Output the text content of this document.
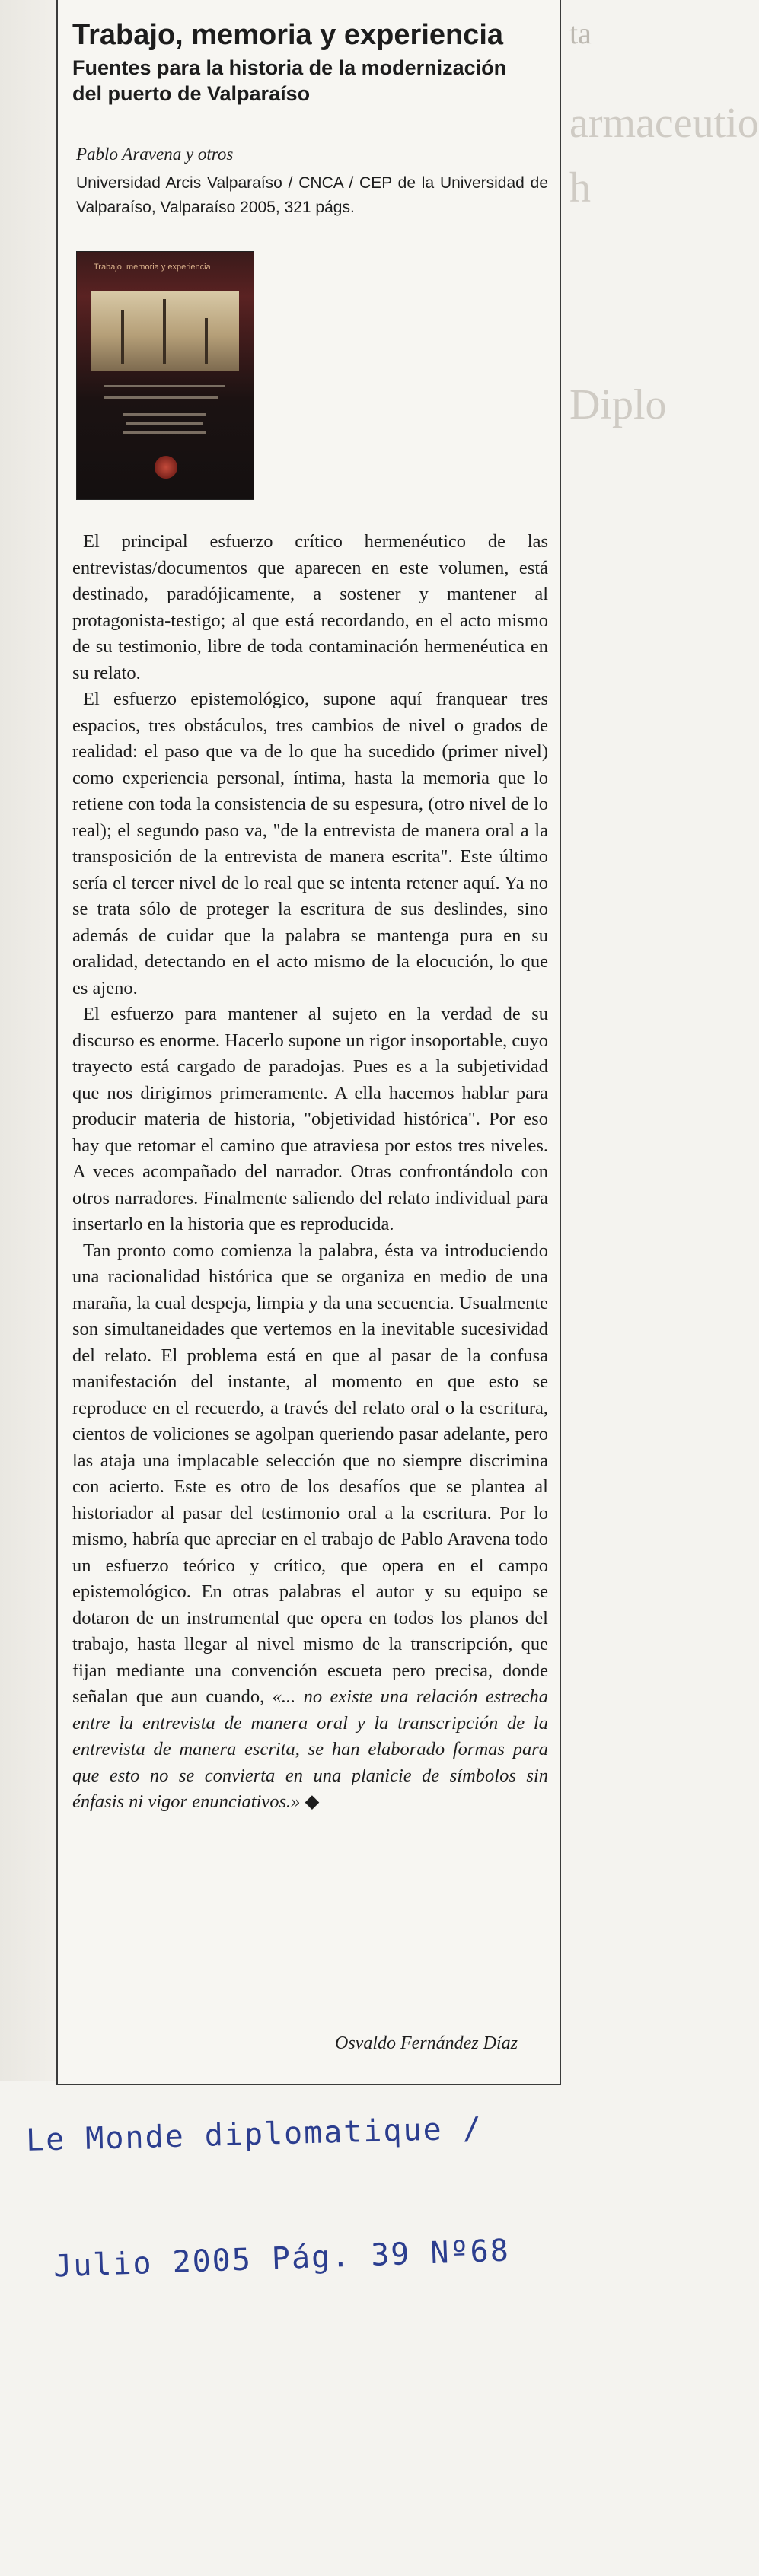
ta
armaceutio
h
Diplo
Trabajo, memoria y experiencia
Fuentes para la historia de la modernización del puerto de Valparaíso
Pablo Aravena y otros
Universidad Arcis Valparaíso / CNCA / CEP de la Universidad de Valparaíso, Valparaíso 2005, 321 págs.
Trabajo, memoria y experiencia

El principal esfuerzo crítico hermenéutico de las entrevistas/documentos que aparecen en este volumen, está destinado, paradójicamente, a sostener y mantener al protagonista-testigo; al que está recordando, en el acto mismo de su testimonio, libre de toda contaminación hermenéutica en su relato.

El esfuerzo epistemológico, supone aquí franquear tres espacios, tres obstáculos, tres cambios de nivel o grados de realidad: el paso que va de lo que ha sucedido (primer nivel) como experiencia personal, íntima, hasta la memoria que lo retiene con toda la consistencia de su espesura, (otro nivel de lo real); el segundo paso va, "de la entrevista de manera oral a la transposición de la entrevista de manera escrita". Este último sería el tercer nivel de lo real que se intenta retener aquí. Ya no se trata sólo de proteger la escritura de sus deslindes, sino además de cuidar que la palabra se mantenga pura en su oralidad, detectando en el acto mismo de la elocución, lo que es ajeno.

El esfuerzo para mantener al sujeto en la verdad de su discurso es enorme. Hacerlo supone un rigor insoportable, cuyo trayecto está cargado de paradojas. Pues es a la subjetividad que nos dirigimos primeramente. A ella hacemos hablar para producir materia de historia, "objetividad histórica". Por eso hay que retomar el camino que atraviesa por estos tres niveles. A veces acompañado del narrador. Otras confrontándolo con otros narradores. Finalmente saliendo del relato individual para insertarlo en la historia que es reproducida.

Tan pronto como comienza la palabra, ésta va introduciendo una racionalidad histórica que se organiza en medio de una maraña, la cual despeja, limpia y da una secuencia. Usualmente son simultaneidades que vertemos en la inevitable sucesividad del relato. El problema está en que al pasar de la confusa manifestación del instante, al momento en que esto se reproduce en el recuerdo, a través del relato oral o la escritura, cientos de voliciones se agolpan queriendo pasar adelante, pero las ataja una implacable selección que no siempre discrimina con acierto. Este es otro de los desafíos que se plantea al historiador al pasar del testimonio oral a la escritura. Por lo mismo, habría que apreciar en el trabajo de Pablo Aravena todo un esfuerzo teórico y crítico, que opera en el campo epistemológico. En otras palabras el autor y su equipo se dotaron de un instrumental que opera en todos los planos del trabajo, hasta llegar al nivel mismo de la transcripción, que fijan mediante una convención escueta pero precisa, donde señalan que aun cuando, «... no existe una relación estrecha entre la entrevista de manera oral y la transcripción de la entrevista de manera escrita, se han elaborado formas para que esto no se convierta en una planicie de símbolos sin énfasis ni vigor enunciativos.» ◆

Osvaldo Fernández Díaz
Le Monde diplomatique /
Julio 2005 Pág. 39 Nº68
